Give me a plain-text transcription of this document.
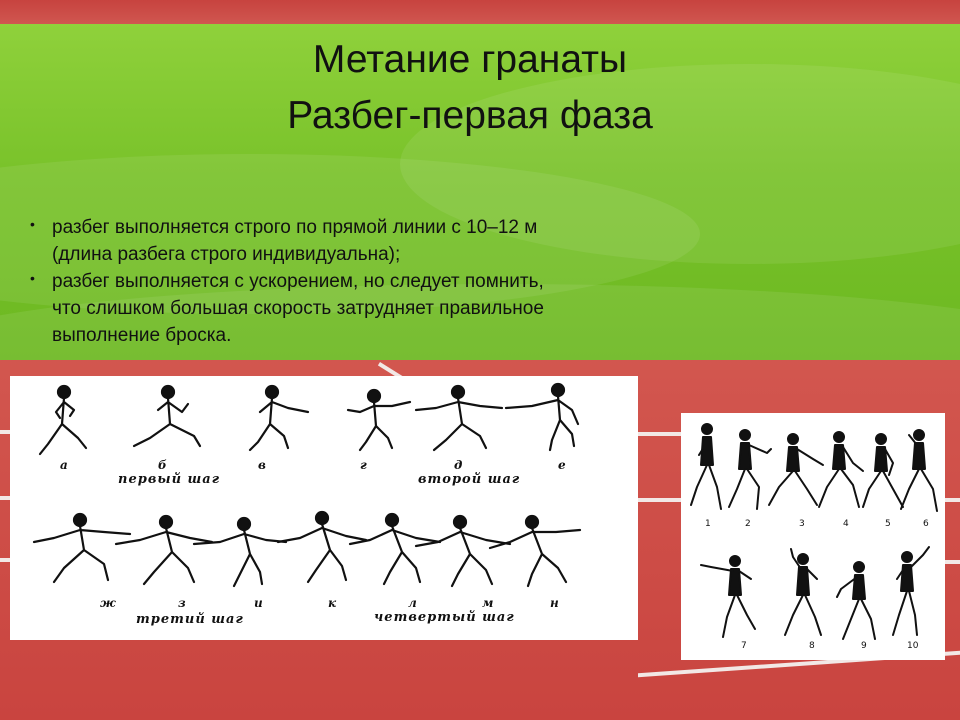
Метание гранаты
Разбег-первая фаза

• разбег выполняется строго по прямой линии с 10–12 м
(длина разбега строго индивидуальна);

• разбег выполняется с ускорением, но следует помнить,
что слишком большая скорость затрудняет правильное
выполнение броска.

а	б	в	г	д	е
первый шаг	второй шаг
ж	з	и	к	л	м	н
третий шаг	четвертый шаг
1	2	3	4	5	6
7	8	9	10
